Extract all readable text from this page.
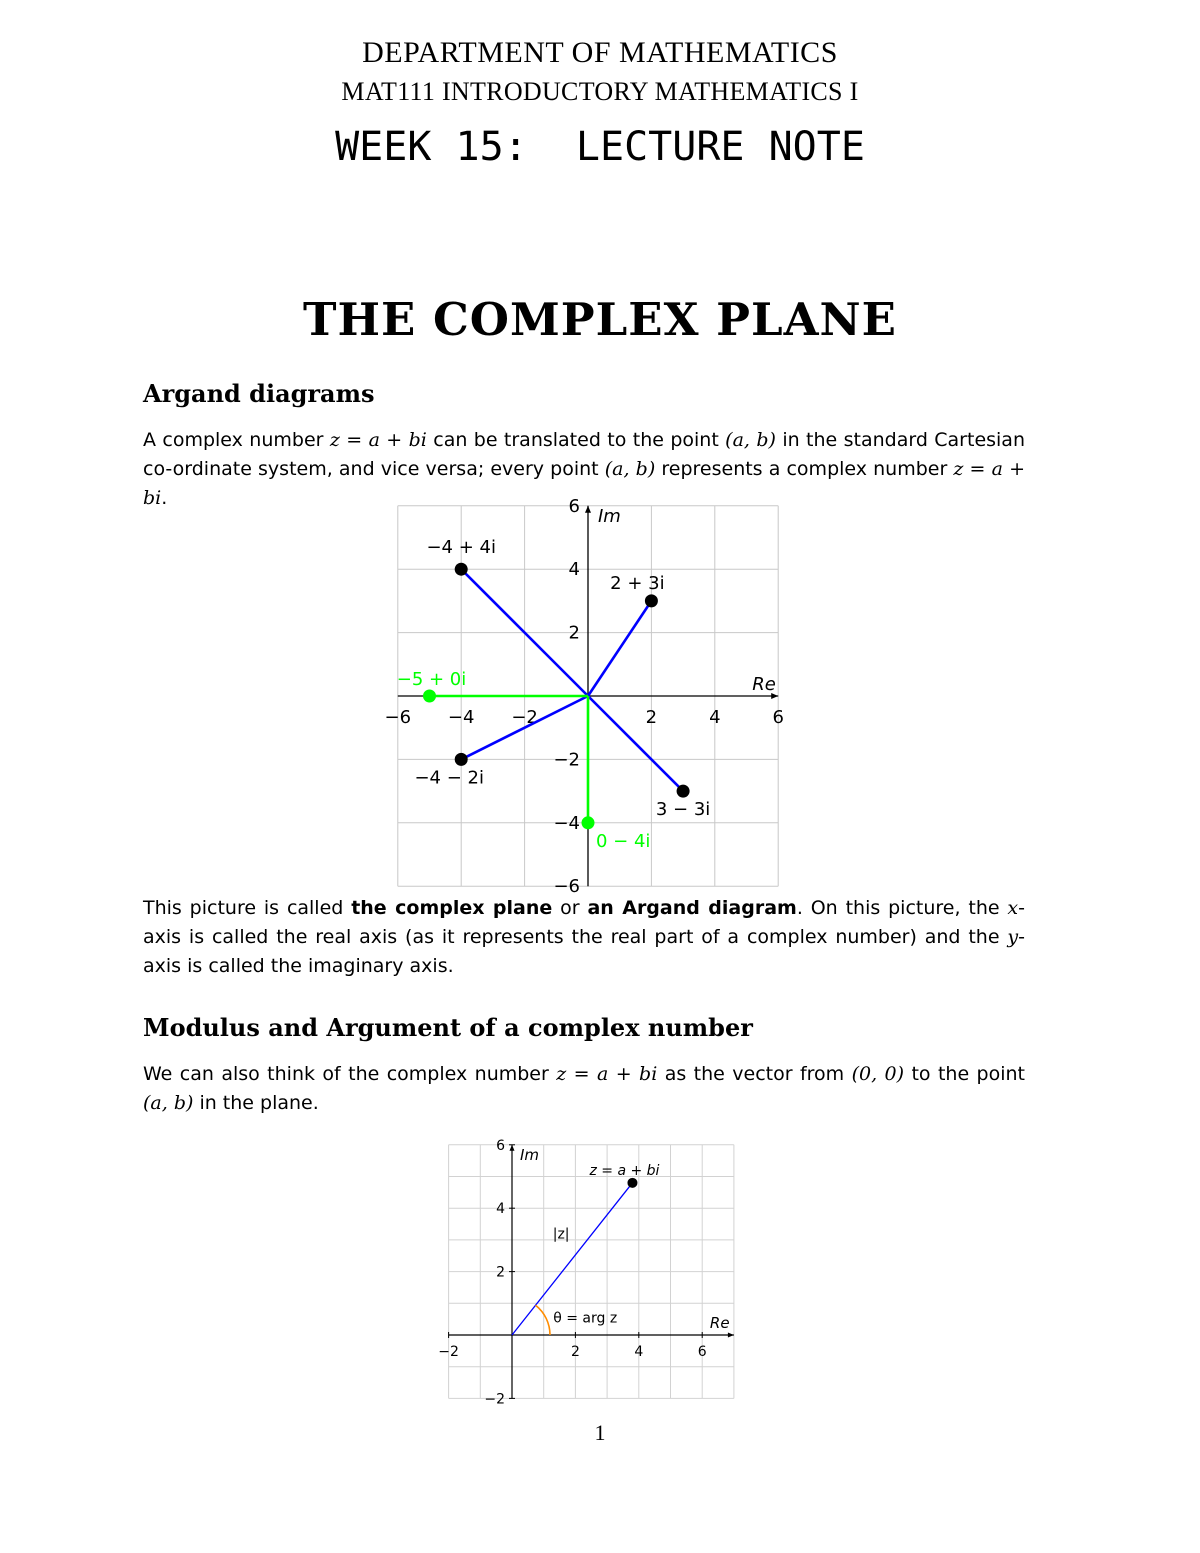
DEPARTMENT OF MATHEMATICS
MAT111 INTRODUCTORY MATHEMATICS I
WEEK 15:  LECTURE NOTE
THE COMPLEX PLANE
Argand diagrams
A complex number z = a + bi can be translated to the point (a, b) in the standard Cartesian co-ordinate system, and vice versa; every point (a, b) represents a complex number z = a + bi.
Re
Im
−6 −4 −2	2	4	6
6
4
2
−2
−4
−6
−4 + 4i
2 + 3i
−4 − 2i
3 − 3i
−5 + 0i
0 − 4i
This picture is called the complex plane or an Argand diagram. On this picture, the x-axis is called the real axis (as it represents the real part of a complex number) and the y-axis is called the imaginary axis.
Modulus and Argument of a complex number
We can also think of the complex number z = a + bi as the vector from (0, 0) to the point (a, b) in the plane.
Re
Im
−2	2	4	6
6
4
2
−2
z = a + bi
|z|
θ = arg z
1
